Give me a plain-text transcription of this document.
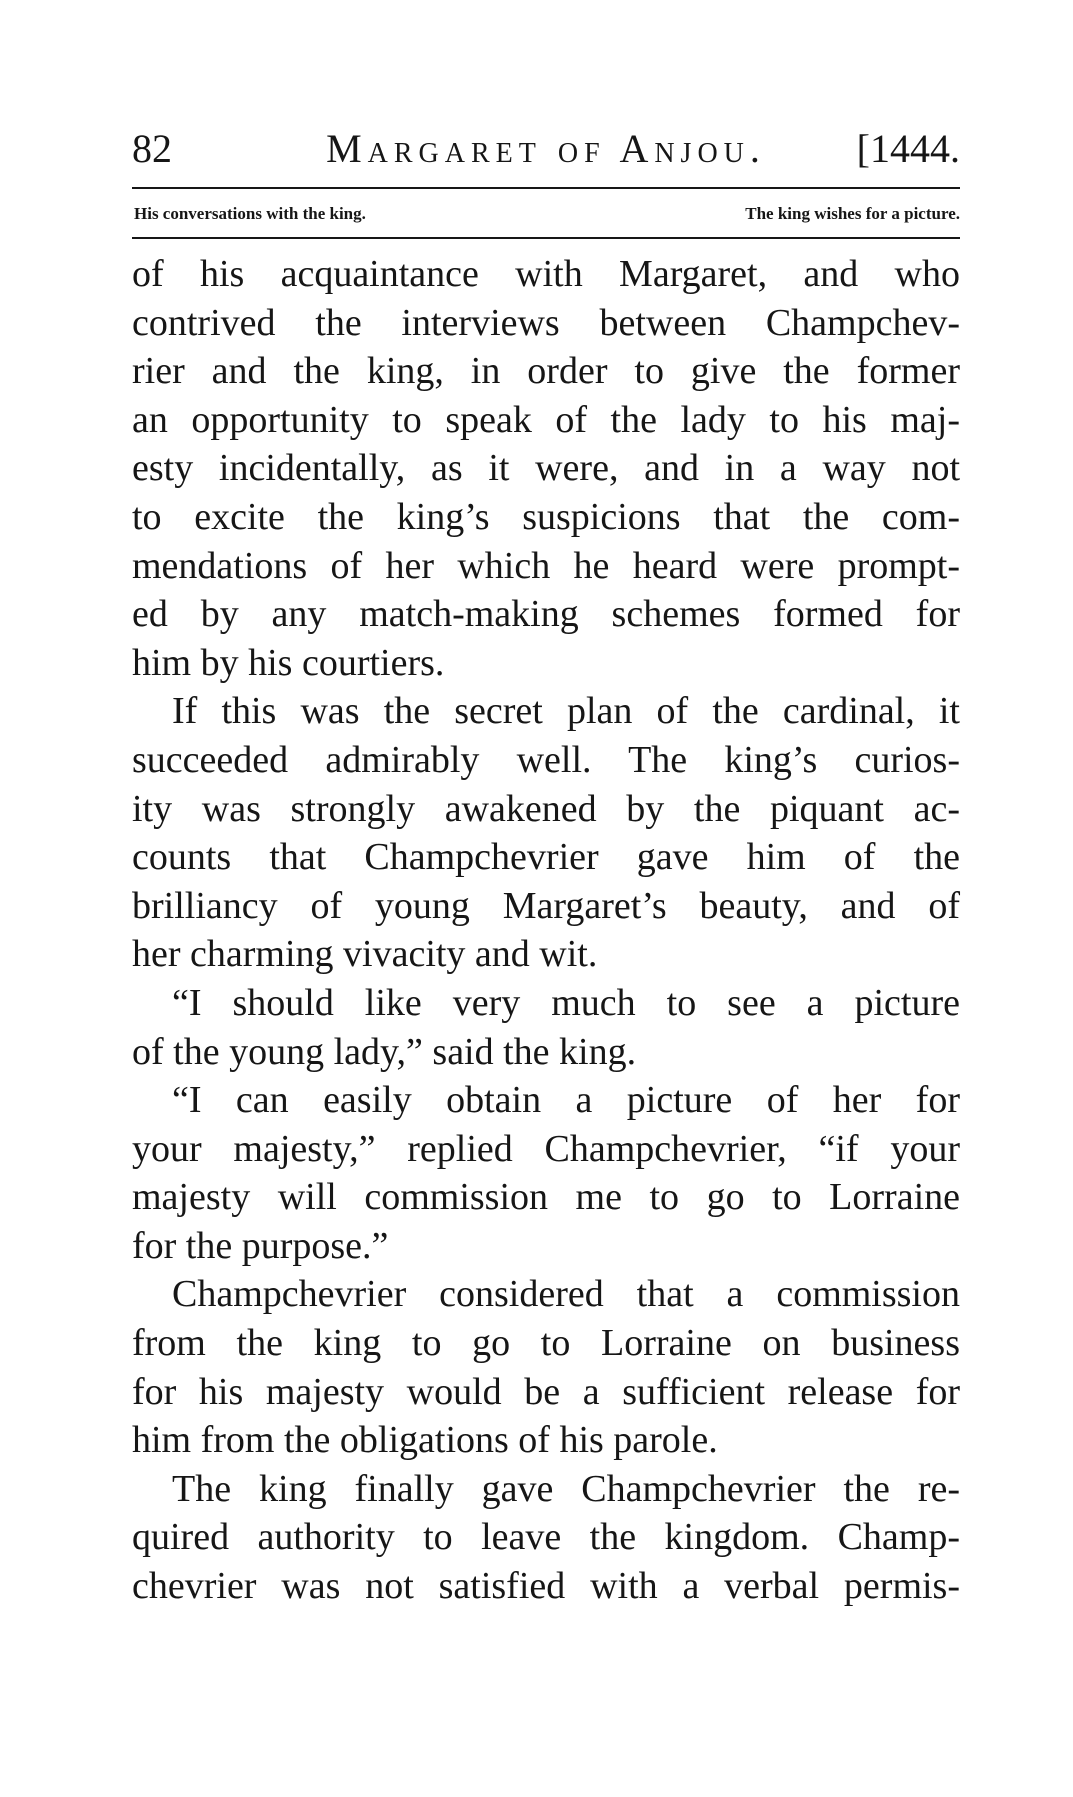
82	Margaret of Anjou.	[1444.
His conversations with the king.	The king wishes for a picture.
of his acquaintance with Margaret, and who
contrived the interviews between Champchev-
rier and the king, in order to give the former
an opportunity to speak of the lady to his maj-
esty incidentally, as it were, and in a way not
to excite the king’s suspicions that the com-
mendations of her which he heard were prompt-
ed by any match-making schemes formed for
him by his courtiers.
If this was the secret plan of the cardinal, it
succeeded admirably well. The king’s curios-
ity was strongly awakened by the piquant ac-
counts that Champchevrier gave him of the
brilliancy of young Margaret’s beauty, and of
her charming vivacity and wit.
“I should like very much to see a picture
of the young lady,” said the king.
“I can easily obtain a picture of her for
your majesty,” replied Champchevrier, “if your
majesty will commission me to go to Lorraine
for the purpose.”
Champchevrier considered that a commission
from the king to go to Lorraine on business
for his majesty would be a sufficient release for
him from the obligations of his parole.
The king finally gave Champchevrier the re-
quired authority to leave the kingdom. Champ-
chevrier was not satisfied with a verbal permis-
